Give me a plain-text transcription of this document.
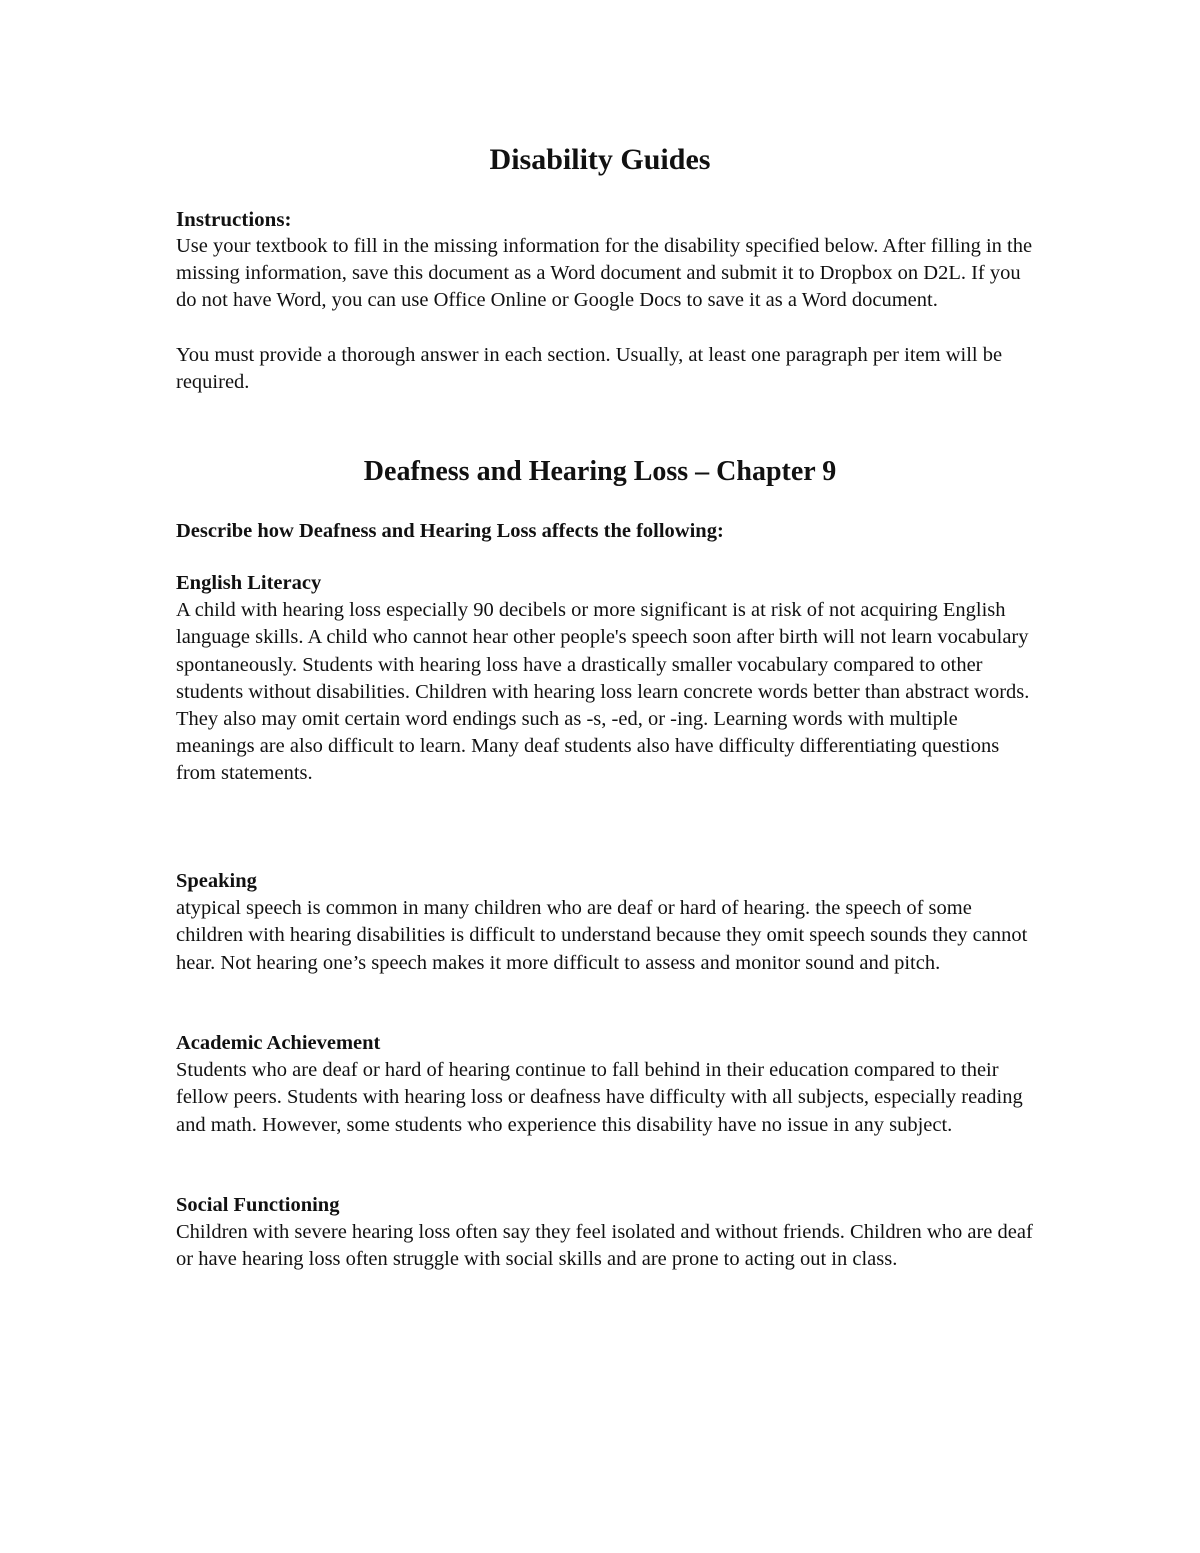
Disability Guides

Instructions:

Use your textbook to fill in the missing information for the disability specified below. After filling in the missing information, save this document as a Word document and submit it to Dropbox on D2L. If you do not have Word, you can use Office Online or Google Docs to save it as a Word document.

You must provide a thorough answer in each section. Usually, at least one paragraph per item will be required.

Deafness and Hearing Loss – Chapter 9

Describe how Deafness and Hearing Loss affects the following:

English Literacy

A child with hearing loss especially 90 decibels or more significant is at risk of not acquiring English language skills. A child who cannot hear other people's speech soon after birth will not learn vocabulary spontaneously. Students with hearing loss have a drastically smaller vocabulary compared to other students without disabilities. Children with hearing loss learn concrete words better than abstract words. They also may omit certain word endings such as -s, -ed, or -ing. Learning words with multiple meanings are also difficult to learn. Many deaf students also have difficulty differentiating questions from statements.

Speaking

atypical speech is common in many children who are deaf or hard of hearing. the speech of some children with hearing disabilities is difficult to understand because they omit speech sounds they cannot hear. Not hearing one’s speech makes it more difficult to assess and monitor sound and pitch.

Academic Achievement

Students who are deaf or hard of hearing continue to fall behind in their education compared to their fellow peers. Students with hearing loss or deafness have difficulty with all subjects, especially reading and math. However, some students who experience this disability have no issue in any subject.

Social Functioning

Children with severe hearing loss often say they feel isolated and without friends. Children who are deaf or have hearing loss often struggle with social skills and are prone to acting out in class.
